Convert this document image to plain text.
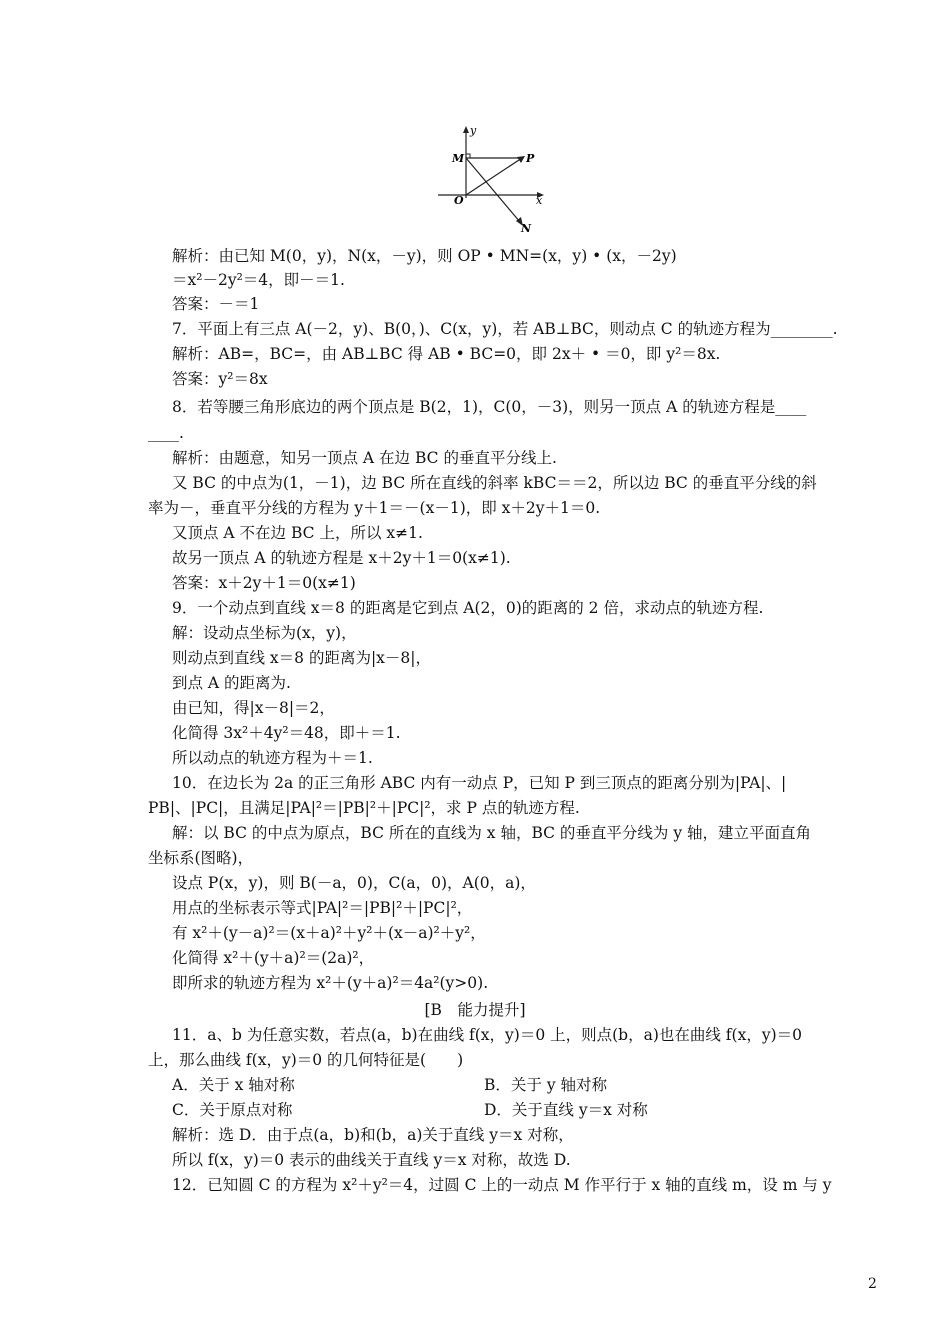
y
x
M	P
O
N
解析：由已知 M(0，y)，N(x，－y)，则 OP • MN=(x，y) • (x，－2y)
＝x²－2y²＝4，即－＝1.
答案：－＝1
7．平面上有三点 A(－2，y)、B(0，)、C(x，y)，若 AB⊥BC，则动点 C 的轨迹方程为________.
解析：AB=，BC=，由 AB⊥BC 得 AB • BC=0，即 2x＋ • ＝0，即 y²＝8x.
答案：y²＝8x
8．若等腰三角形底边的两个顶点是 B(2，1)，C(0，－3)，则另一顶点 A 的轨迹方程是____
____.
解析：由题意，知另一顶点 A 在边 BC 的垂直平分线上.
又 BC 的中点为(1，－1)，边 BC 所在直线的斜率 kBC＝＝2，所以边 BC 的垂直平分线的斜
率为－，垂直平分线的方程为 y＋1＝－(x－1)，即 x＋2y＋1＝0.
又顶点 A 不在边 BC 上，所以 x≠1.
故另一顶点 A 的轨迹方程是 x＋2y＋1＝0(x≠1).
答案：x＋2y＋1＝0(x≠1)
9．一个动点到直线 x＝8 的距离是它到点 A(2，0)的距离的 2 倍，求动点的轨迹方程.
解：设动点坐标为(x，y)，
则动点到直线 x＝8 的距离为|x－8|，
到点 A 的距离为.
由已知，得|x－8|＝2，
化简得 3x²＋4y²＝48，即＋＝1.
所以动点的轨迹方程为＋＝1.
10．在边长为 2a 的正三角形 ABC 内有一动点 P，已知 P 到三顶点的距离分别为|PA|、|
PB|、|PC|，且满足|PA|²＝|PB|²＋|PC|²，求 P 点的轨迹方程.
解：以 BC 的中点为原点，BC 所在的直线为 x 轴，BC 的垂直平分线为 y 轴，建立平面直角
坐标系(图略)，
设点 P(x，y)，则 B(－a，0)，C(a，0)，A(0，a)，
用点的坐标表示等式|PA|²＝|PB|²＋|PC|²，
有 x²＋(y－a)²＝(x＋a)²＋y²＋(x－a)²＋y²，
化简得 x²＋(y＋a)²＝(2a)²，
即所求的轨迹方程为 x²＋(y＋a)²＝4a²(y>0).
[B　能力提升]
11．a、b 为任意实数，若点(a，b)在曲线 f(x，y)＝0 上，则点(b，a)也在曲线 f(x，y)＝0
上，那么曲线 f(x，y)＝0 的几何特征是(　　)
A．关于 x 轴对称	B．关于 y 轴对称
C．关于原点对称	D．关于直线 y＝x 对称
解析：选 D．由于点(a，b)和(b，a)关于直线 y＝x 对称，
所以 f(x，y)＝0 表示的曲线关于直线 y＝x 对称，故选 D.
12．已知圆 C 的方程为 x²＋y²＝4，过圆 C 上的一动点 M 作平行于 x 轴的直线 m，设 m 与 y
2
